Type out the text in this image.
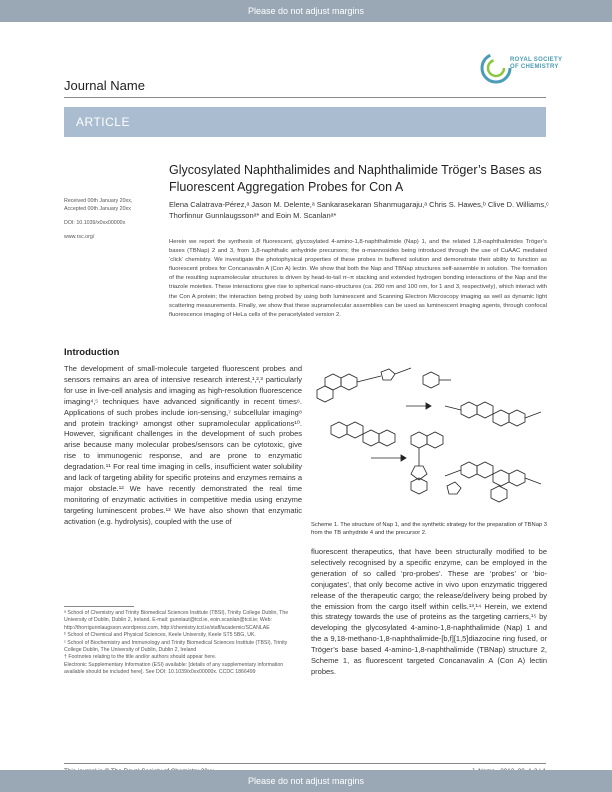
Please do not adjust margins
Journal Name
ROYAL SOCIETY
OF CHEMISTRY
ARTICLE

Received 00th January 20xx,

Accepted 00th January 20xx

DOI: 10.1039/x0xx00000x

www.rsc.org/

Glycosylated Naphthalimides and Naphthalimide Tröger’s Bases as Fluorescent Aggregation Probes for Con A
Elena Calatrava-Pérez,ᵃ Jason M. Delente,ᵃ Sankarasekaran Shanmugaraju,ᵃ Chris S. Hawes,ᵇ Clive D. Williams,ᶜ Thorfinnur Gunnlaugssonᵃ* and Eoin M. Scanlanᵃ*
Herein we report the synthesis of fluorescent, glycosylated 4-amino-1,8-naphthalimide (Nap) 1, and the related 1,8-naphthalimides Tröger’s bases (TBNap) 2 and 3, from 1,8-naphthalic anhydride precursors; the α-mannosides being introduced through the use of CuAAC mediated ‘click’ chemistry. We investigate the photophysical properties of these probes in buffered solution and demonstrate their ability to function as fluorescent probes for Concanavalin A (Con A) lectin. We show that both the Nap and TBNap structures self-assemble in solution. The formation of the resulting supramolecular structures is driven by head-to-tail π–π stacking and extended hydrogen bonding interactions of the Nap and the triazole moieties. These interactions give rise to spherical nano-structures (ca. 260 nm and 100 nm, for 1 and 3, respectively), which interact with the Con A protein; the interaction being probed by using both luminescent and Scanning Electron Microscopy imaging as well as dynamic light scattering measurements. Finally, we show that these supramolecular assemblies can be used as luminescent imaging agents, through confocal fluorescence imaging of HeLa cells of the peracetylated version 2.
Introduction
The development of small-molecule targeted fluorescent probes and sensors remains an area of intensive research interest,¹‚²‚³ particularly for use in live-cell analysis and imaging as high-resolution fluorescence imaging⁴‚⁵ techniques have advanced significantly in recent times⁶. Applications of such probes include ion-sensing,⁷ subcellular imaging⁸ and protein tracking⁹ amongst other supramolecular applications¹⁰. However, significant challenges in the development of such probes arise because many molecular probes/sensors can be cytotoxic, give rise to immunogenic response, and are prone to enzymatic degradation.¹¹ For real time imaging in cells, insufficient water solubility and lack of targeting ability for specific proteins and enzymes remains a major obstacle.¹² We have recently demonstrated the real time monitoring of enzymatic activities in competitive media using enzyme targeting luminescent probes.¹³ We have also shown that enzymatic activation (e.g. hydrolysis), coupled with the use of	Scheme 1. The structure of Nap 1, and the synthetic strategy for the preparation of TBNap 3 from the TB anhydride 4 and the precursor 2.
fluorescent therapeutics, that have been structurally modified to be selectively recognised by a specific enzyme, can be employed in the generation of so called ‘pro-probes’. These are ‘probes’ or ‘bio-conjugates’, that only become active in vivo upon enzymatic triggered release of the therapeutic cargo; the release/delivery being probed by the emission from the cargo itself within cells.¹³‚¹⁴ Herein, we extend this strategy towards the use of proteins as the targeting carriers,¹⁵ by developing the glycosylated 4-amino-1,8-naphthalimide (Nap) 1 and the a 9,18-methano-1,8-naphthalimide-[b,f][1,5]diazocine ring fused, or Tröger’s base based 4-amino-1,8-naphthalimide (TBNap) structure 2, Scheme 1, as fluorescent targeted Concanavalin A (Con A) lectin probes.

ᵃ School of Chemistry and Trinity Biomedical Sciences Institute (TBSI), Trinity College Dublin, The University of Dublin, Dublin 2, Ireland. E-mail: gunnlaut@tcd.ie, eoin.scanlan@tcd.ie; Web: http://thorrigunnlaugsson.wordpress.com, http://chemistry.tcd.ie/staff/academic/SCANLAE

ᵇ School of Chemical and Physical Sciences, Keele University, Keele ST5 5BG, UK.

ᶜ School of Biochemistry and Immunology and Trinity Biomedical Sciences Institute (TBSI), Trinity College Dublin, The University of Dublin, Dublin 2, Ireland

† Footnotes relating to the title and/or authors should appear here.

Electronic Supplementary Information (ESI) available: [details of any supplementary information available should be included here]. See DOI: 10.1039/x0xx00000x. CCDC 1866499

Please do not adjust margins
